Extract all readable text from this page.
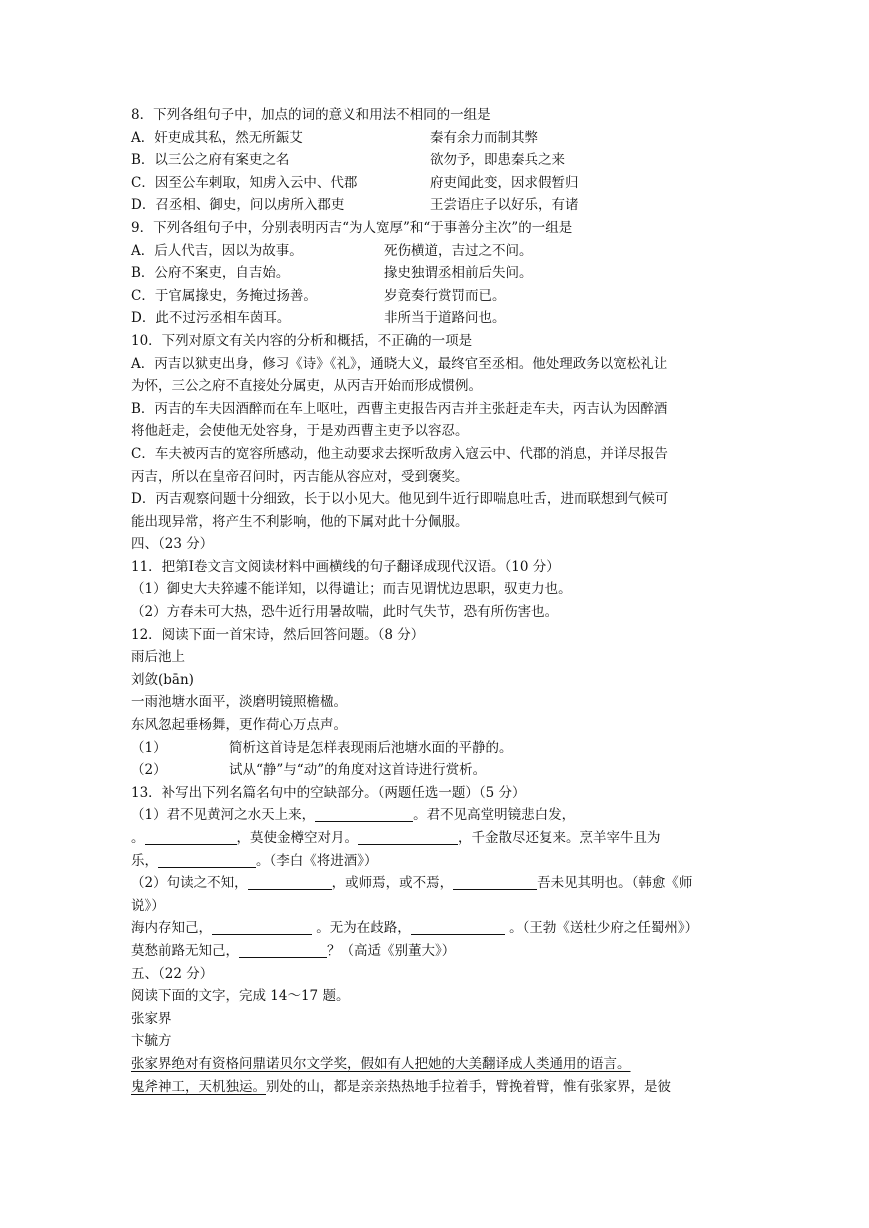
8．下列各组句子中，加点的词的意义和用法不相同的一组是
A．奸吏成其私，然无所鋠艾	秦有余力而制其弊
B．以三公之府有案吏之名	欲勿予，即患秦兵之来
C．因至公车剌取，知虏入云中、代郡	府吏闻此变，因求假暂归
D．召丞相、御史，问以虏所入郡吏	王尝语庄子以好乐，有诸
9．下列各组句子中，分别表明丙吉“为人宽厚”和“于事善分主次”的一组是
A．后人代吉，因以为故事。	死伤横道，吉过之不问。
B．公府不案吏，自吉始。	掾史独谓丞相前后失问。
C．于官属掾史，务掩过扬善。	岁竟奏行赏罚而已。
D．此不过污丞相车茵耳。	非所当于道路问也。
10．下列对原文有关内容的分析和概括，不正确的一项是
A．丙吉以狱吏出身，修习《诗》《礼》，通晓大义，最终官至丞相。他处理政务以宽松礼让
为怀，三公之府不直接处分属吏，从丙吉开始而形成惯例。
B．丙吉的车夫因酒醉而在车上呕吐，西曹主吏报告丙吉并主张赶走车夫，丙吉认为因醉酒
将他赶走，会使他无处容身，于是劝西曹主吏予以容忍。
C．车夫被丙吉的宽容所感动，他主动要求去探听敌虏入寇云中、代郡的消息，并详尽报告
丙吉，所以在皇帝召问时，丙吉能从容应对，受到褒奖。
D．丙吉观察问题十分细致，长于以小见大。他见到牛近行即喘息吐舌，进而联想到气候可
能出现异常，将产生不利影响，他的下属对此十分佩服。
四、（23 分）
11．把第Ⅰ卷文言文阅读材料中画横线的句子翻译成现代汉语。（10 分）
（1）御史大夫猝遽不能详知，以得谴让；而吉见谓忧边思职，驭吏力也。
（2）方春未可大热，恐牛近行用暑故喘，此时气失节，恐有所伤害也。
12．阅读下面一首宋诗，然后回答问题。（8 分）
雨后池上
刘敛(bān)
一雨池塘水面平，淡磨明镜照檐楹。
东风忽起垂杨舞，更作荷心万点声。
（1）	简析这首诗是怎样表现雨后池塘水面的平静的。
（2）	试从“静”与“动”的角度对这首诗进行赏析。
13．补写出下列名篇名句中的空缺部分。（两题任选一题）（5 分）
（1）君不见黄河之水天上来，	。君不见高堂明镜悲白发，
。	，莫使金樽空对月。	，千金散尽还复来。烹羊宰牛且为
乐，	。（李白《将进酒》）
（2）句读之不知，	，或师焉，或不焉，	吾未见其明也。（韩愈《师
说》）
海内存知己，	。无为在歧路，	。（王勃《送杜少府之任蜀州》）
莫愁前路无知己，	？（高适《别董大》）
五、（22 分）
阅读下面的文字，完成 14～17 题。
张家界
卞毓方
张家界绝对有资格问鼎诺贝尔文学奖，假如有人把她的大美翻译成人类通用的语言。
鬼斧神工，天机独运。别处的山，都是亲亲热热地手拉着手，臂挽着臂，惟有张家界，是彼
